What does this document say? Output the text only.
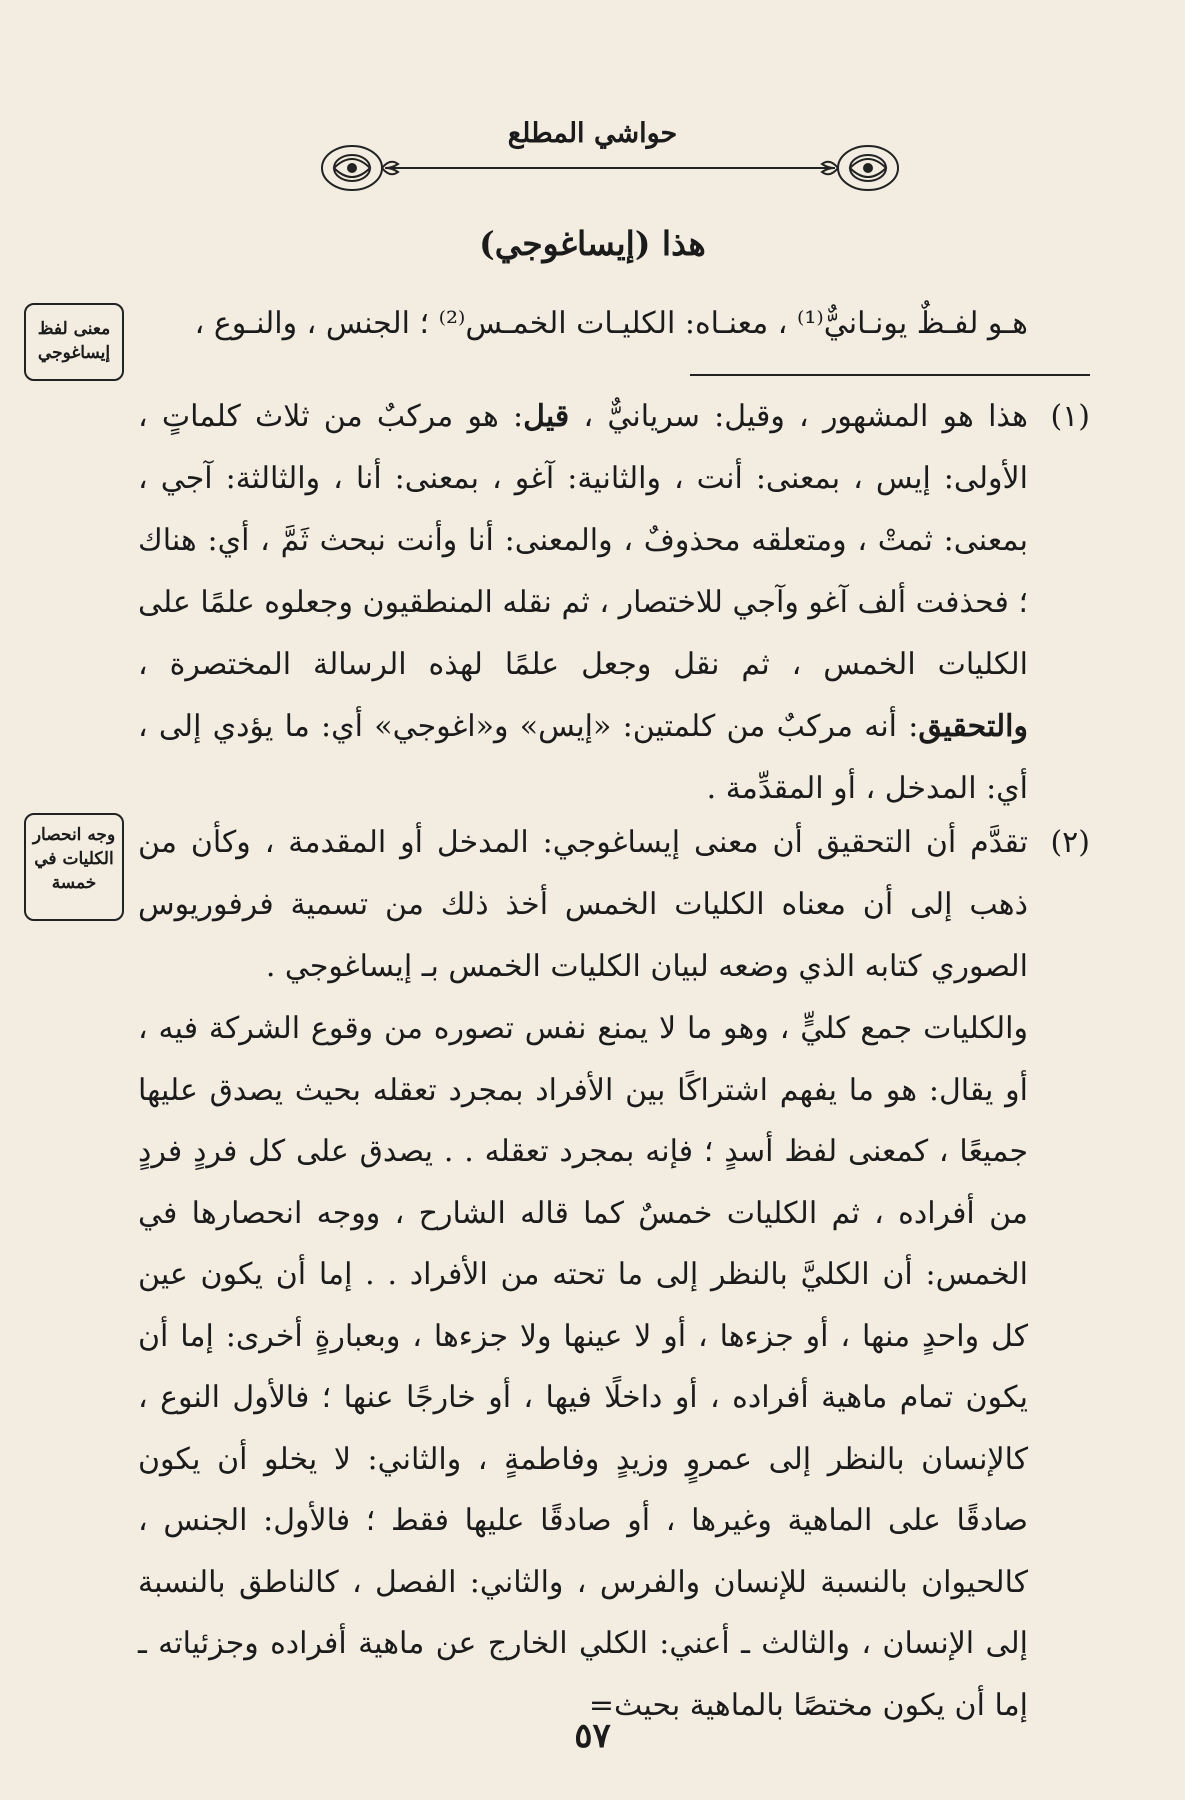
حواشي المطلع
هذا (إيساغوجي)
هـو لفـظٌ يونـانيٌّ⁽¹⁾ ، معنـاه: الكليـات الخمـس⁽²⁾ ؛ الجنس ، والنـوع ،
معنى لفظ إيساغوجي
وجه انحصار الكليات في خمسة
(١)
هذا هو المشهور ، وقيل: سريانيٌّ ، قيل: هو مركبٌ من ثلاث كلماتٍ ، الأولى: إيس ، بمعنى: أنت ، والثانية: آغو ، بمعنى: أنا ، والثالثة: آجي ، بمعنى: ثمتْ ، ومتعلقه محذوفٌ ، والمعنى: أنا وأنت نبحث ثَمَّ ، أي: هناك ؛ فحذفت ألف آغو وآجي للاختصار ، ثم نقله المنطقيون وجعلوه علمًا على الكليات الخمس ، ثم نقل وجعل علمًا لهذه الرسالة المختصرة ، والتحقيق: أنه مركبٌ من كلمتين: «إيس» و«اغوجي» أي: ما يؤدي إلى ، أي: المدخل ، أو المقدِّمة .
(٢)
تقدَّم أن التحقيق أن معنى إيساغوجي: المدخل أو المقدمة ، وكأن من ذهب إلى أن معناه الكليات الخمس أخذ ذلك من تسمية فرفوريوس الصوري كتابه الذي وضعه لبيان الكليات الخمس بـ إيساغوجي .
والكليات جمع كليٍّ ، وهو ما لا يمنع نفس تصوره من وقوع الشركة فيه ، أو يقال: هو ما يفهم اشتراكًا بين الأفراد بمجرد تعقله بحيث يصدق عليها جميعًا ، كمعنى لفظ أسدٍ ؛ فإنه بمجرد تعقله . . يصدق على كل فردٍ فردٍ من أفراده ، ثم الكليات خمسٌ كما قاله الشارح ، ووجه انحصارها في الخمس: أن الكليَّ بالنظر إلى ما تحته من الأفراد . . إما أن يكون عين كل واحدٍ منها ، أو جزءها ، أو لا عينها ولا جزءها ، وبعبارةٍ أخرى: إما أن يكون تمام ماهية أفراده ، أو داخلًا فيها ، أو خارجًا عنها ؛ فالأول النوع ، كالإنسان بالنظر إلى عمروٍ وزيدٍ وفاطمةٍ ، والثاني: لا يخلو أن يكون صادقًا على الماهية وغيرها ، أو صادقًا عليها فقط ؛ فالأول: الجنس ، كالحيوان بالنسبة للإنسان والفرس ، والثاني: الفصل ، كالناطق بالنسبة إلى الإنسان ، والثالث ـ أعني: الكلي الخارج عن ماهية أفراده وجزئياته ـ إما أن يكون مختصًا بالماهية بحيث=
٥٧
